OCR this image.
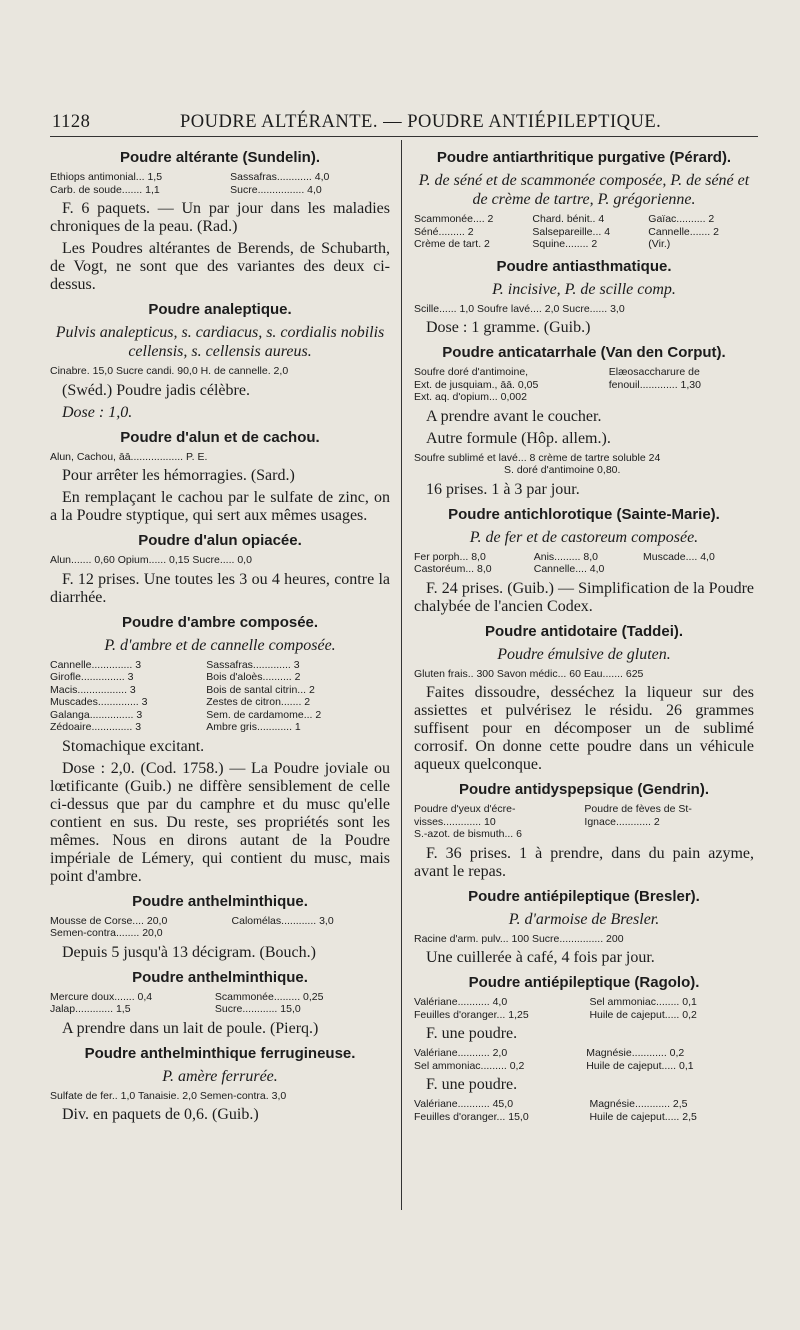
1128	POUDRE ALTÉRANTE. — POUDRE ANTIÉPILEPTIQUE.
Poudre altérante (Sundelin).
Ethiops antimonial... 1,5	Sassafras............ 4,0
Carb. de soude....... 1,1	Sucre................ 4,0
F. 6 paquets. — Un par jour dans les maladies chroniques de la peau. (Rad.)
Les Poudres altérantes de Berends, de Schubarth, de Vogt, ne sont que des variantes des deux ci-dessus.
Poudre analeptique.
Pulvis analepticus, s. cardiacus, s. cordialis nobilis cellensis, s. cellensis aureus.
Cinabre. 15,0 Sucre candi. 90,0 H. de cannelle. 2,0
(Swéd.) Poudre jadis célèbre.
Dose : 1,0.
Poudre d'alun et de cachou.
Alun, Cachou, āā.................. P. E.
Pour arrêter les hémorragies. (Sard.)
En remplaçant le cachou par le sulfate de zinc, on a la Poudre styptique, qui sert aux mêmes usages.
Poudre d'alun opiacée.
Alun....... 0,60 Opium...... 0,15 Sucre..... 0,0
F. 12 prises. Une toutes les 3 ou 4 heures, contre la diarrhée.
Poudre d'ambre composée.
P. d'ambre et de cannelle composée.
Cannelle.............. 3	Sassafras............. 3
Girofle............... 3	Bois d'aloès.......... 2
Macis................. 3	Bois de santal citrin... 2
Muscades.............. 3	Zestes de citron....... 2
Galanga............... 3	Sem. de cardamome... 2
Zédoaire.............. 3	Ambre gris............ 1
Stomachique excitant.
Dose : 2,0. (Cod. 1758.) — La Poudre joviale ou lœtificante (Guib.) ne diffère sensiblement de celle ci-dessus que par du camphre et du musc qu'elle contient en sus. Du reste, ses propriétés sont les mêmes. Nous en dirons autant de la Poudre impériale de Lémery, qui contient du musc, mais point d'ambre.
Poudre anthelminthique.
Mousse de Corse.... 20,0	Calomélas............ 3,0
Semen-contra........ 20,0	
Depuis 5 jusqu'à 13 décigram. (Bouch.)
Poudre anthelminthique.
Mercure doux....... 0,4	Scammonée......... 0,25
Jalap............. 1,5	Sucre............ 15,0
A prendre dans un lait de poule. (Pierq.)
Poudre anthelminthique ferrugineuse.
P. amère ferrurée.
Sulfate de fer.. 1,0 Tanaisie. 2,0 Semen-contra. 3,0
Div. en paquets de 0,6. (Guib.)
Poudre antiarthritique purgative (Pérard).
P. de séné et de scammonée composée, P. de séné et de crème de tartre, P. grégorienne.
Scammonée.... 2	Chard. bénit.. 4	Gaïac.......... 2
Séné......... 2	Salsepareille... 4	Cannelle....... 2
Crème de tart. 2	Squine........ 2	(Vir.)
Poudre antiasthmatique.
P. incisive, P. de scille comp.
Scille...... 1,0 Soufre lavé.... 2,0 Sucre...... 3,0
Dose : 1 gramme. (Guib.)
Poudre anticatarrhale (Van den Corput).
Soufre doré d'antimoine,	Elæosaccharure de
Ext. de jusquiam., āā. 0,05	fenouil............. 1,30
Ext. aq. d'opium... 0,002	
A prendre avant le coucher.
Autre formule (Hôp. allem.).
Soufre sublimé et lavé... 8 crème de tartre soluble 24
S. doré d'antimoine 0,80.
16 prises. 1 à 3 par jour.
Poudre antichlorotique (Sainte-Marie).
P. de fer et de castoreum composée.
Fer porph... 8,0	Anis......... 8,0	Muscade.... 4,0
Castoréum... 8,0	Cannelle.... 4,0	
F. 24 prises. (Guib.) — Simplification de la Poudre chalybée de l'ancien Codex.
Poudre antidotaire (Taddei).
Poudre émulsive de gluten.
Gluten frais.. 300 Savon médic... 60 Eau....... 625
Faites dissoudre, desséchez la liqueur sur des assiettes et pulvérisez le résidu. 26 grammes suffisent pour en décomposer un de sublimé corrosif. On donne cette poudre dans un véhicule aqueux quelconque.
Poudre antidyspepsique (Gendrin).
Poudre d'yeux d'écre-	Poudre de fèves de St-
visses............. 10	Ignace............ 2
S.-azot. de bismuth... 6	
F. 36 prises. 1 à prendre, dans du pain azyme, avant le repas.
Poudre antiépileptique (Bresler).
P. d'armoise de Bresler.
Racine d'arm. pulv... 100 Sucre............... 200
Une cuillerée à café, 4 fois par jour.
Poudre antiépileptique (Ragolo).
Valériane........... 4,0	Sel ammoniac........ 0,1
Feuilles d'oranger... 1,25	Huile de cajeput..... 0,2
F. une poudre.
Valériane........... 2,0	Magnésie............ 0,2
Sel ammoniac......... 0,2	Huile de cajeput..... 0,1
F. une poudre.
Valériane........... 45,0	Magnésie............ 2,5
Feuilles d'oranger... 15,0	Huile de cajeput..... 2,5
